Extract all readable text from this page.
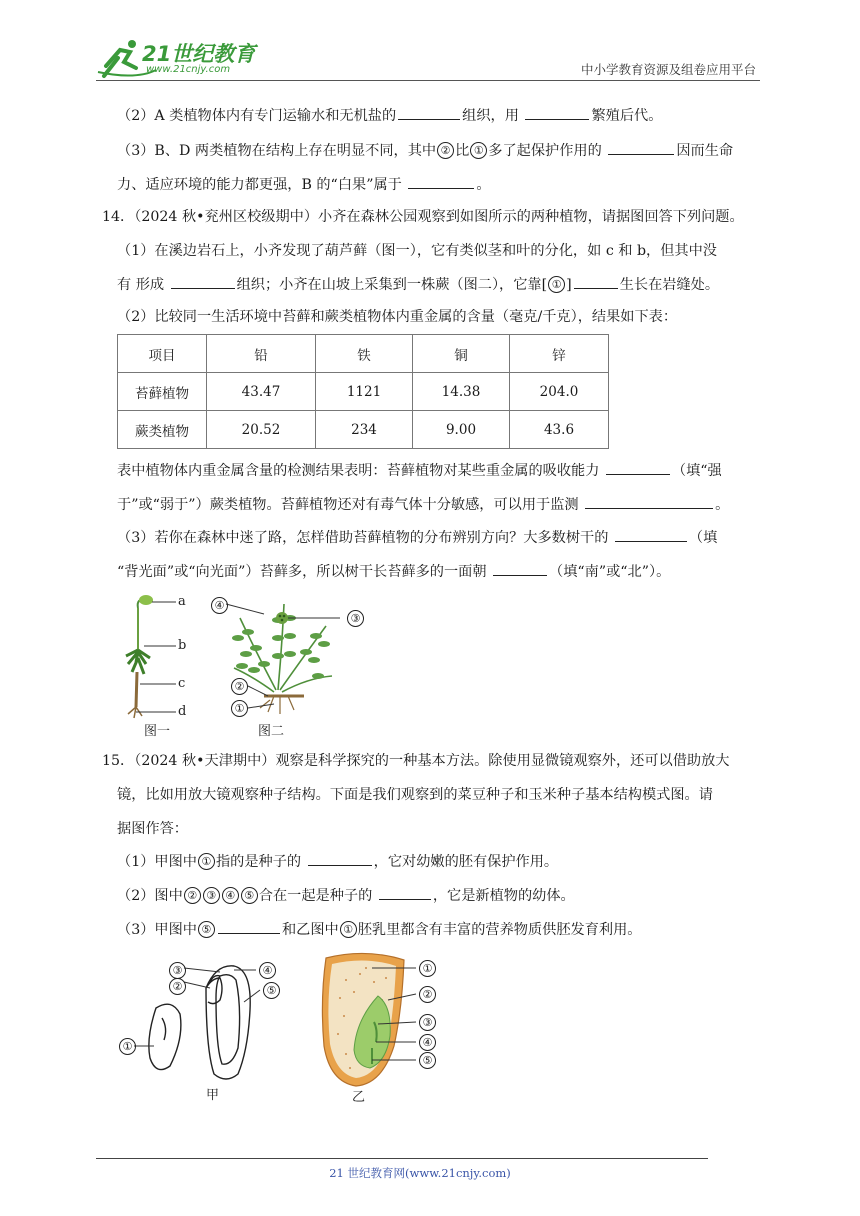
21世纪教育
www.21cnjy.com	中小学教育资源及组卷应用平台
（2）A 类植物体内有专门运输水和无机盐的	组织，用	繁殖后代。
（3）B、D 两类植物在结构上存在明显不同，其中 ② 比 ① 多了起保护作用的	因而生命
力、适应环境的能力都更强，B 的“白果”属于	。
14．（2024 秋•兖州区校级期中）小齐在森林公园观察到如图所示的两种植物，请据图回答下列问题。
（1）在溪边岩石上，小齐发现了葫芦藓（图一），它有类似茎和叶的分化，如 c 和 b，但其中没
有 形成	组织；小齐在山坡上采集到一株蕨（图二），它靠[ ① ]	生长在岩缝处。
（2）比较同一生活环境中苔藓和蕨类植物体内重金属的含量（毫克/千克），结果如下表：
项目	铅	铁	铜	锌
苔藓植物	43.47	1121	14.38	204.0
蕨类植物	20.52	234	9.00	43.6
表中植物体内重金属含量的检测结果表明：苔藓植物对某些重金属的吸收能力	（填“强
于”或“弱于”）蕨类植物。苔藓植物还对有毒气体十分敏感，可以用于监测	。
（3）若你在森林中迷了路，怎样借助苔藓植物的分布辨别方向？大多数树干的	（填
“背光面”或“向光面”）苔藓多，所以树干长苔藓多的一面朝	（填“南”或“北”）。
a
b
c
d
图一
④
③
②
①
图二
15．（2024 秋•天津期中）观察是科学探究的一种基本方法。除使用显微镜观察外，还可以借助放大
镜，比如用放大镜观察种子结构。下面是我们观察到的菜豆种子和玉米种子基本结构模式图。请
据图作答：
（1）甲图中 ① 指的是种子的	，它对幼嫩的胚有保护作用。
（2）图中 ② ③ ④ ⑤ 合在一起是种子的	，它是新植物的幼体。
（3）甲图中 ⑤	和乙图中 ① 胚乳里都含有丰富的营养物质供胚发育利用。
③
②
④
⑤
①
甲
①
②
③
④
⑤
乙
21 世纪教育网(www.21cnjy.com)
